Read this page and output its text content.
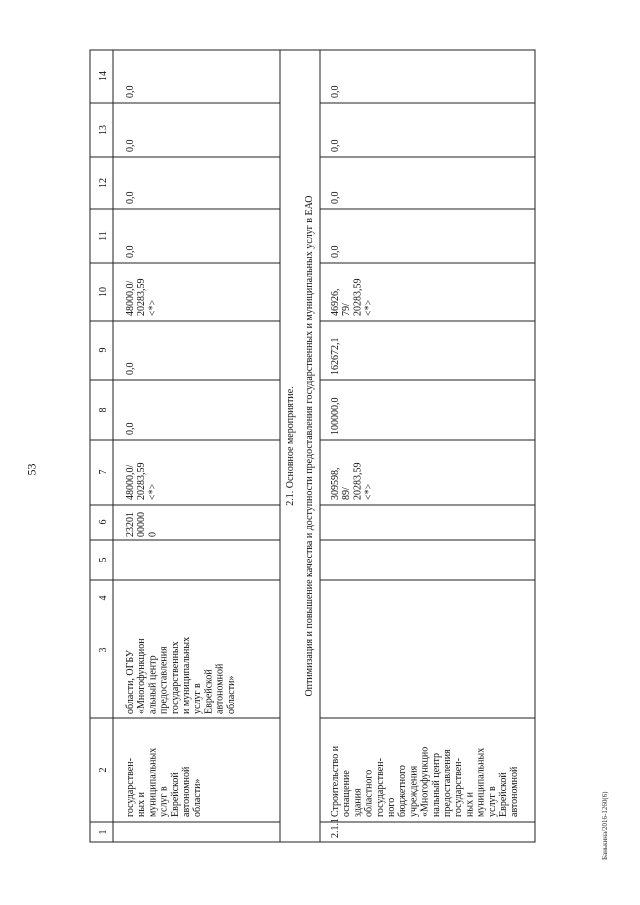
53
Банькина/2016-1260(6)
14
13
12
11
10
9
8
7
6
5
4
3
2
1
2.1. Основное мероприятие. Оптимизация и повышение качества и доступности предоставления государственных и муниципальных услуг в ЕАО
0,0
0,0
0,0
0,0
0,0
0,0
0,0
0,0
0,0
0,0
162672,1
100000,0
2.1.1
48000,0/20283,59<*>
48000,0/20283,59<*>
23201000000
области, ОГБУ«Многофункциональный центрпредоставлениягосударственныхи муниципальныхуслуг вЕврейскойавтономнойобласти»
государствен-ных имуниципальныхуслуг вЕврейскойавтономнойобласти»
46926,79/20283,59<*>
309598,89/20283,59<*>
Строительство иоснащениезданияобластногогосударствен-ногобюджетногоучреждения«Многофункциональный центрпредоставлениягосударствен-ных имуниципальныхуслуг вЕврейскойавтономной
